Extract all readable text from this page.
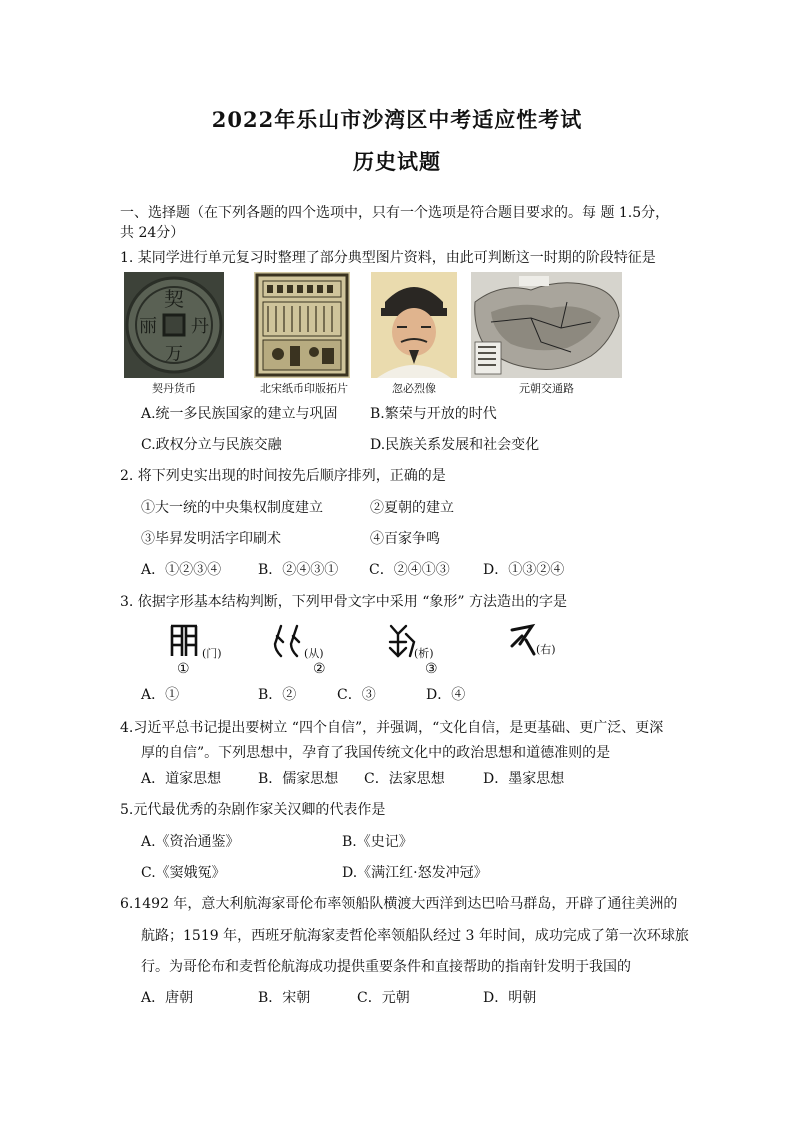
2022年乐山市沙湾区中考适应性考试
历史试题
一、选择题（在下列各题的四个选项中，只有一个选项是符合题目要求的。每 题 1.5分，
共 24分）
1. 某同学进行单元复习时整理了部分典型图片资料，由此可判断这一时期的阶段特征是
契
丹
万
丽
契丹货币	北宋纸币印版拓片	忽必烈像	元朝交通路
A.统一多民族国家的建立与巩固 B.繁荣与开放的时代
C.政权分立与民族交融	D.民族关系发展和社会变化
2. 将下列史实出现的时间按先后顺序排列，正确的是
①大一统的中央集权制度建立	②夏朝的建立
③毕昇发明活字印刷术	④百家争鸣
A．①②③④	B．②④③① C．②④①③ D．①③②④
3. 依据字形基本结构判断，下列甲骨文字中采用 “象形” 方法造出的字是
(门)
①
(从)
②
(析)
③
(右)
A．①	B．②	C．③	D．④
4.习近平总书记提出要树立 “四个自信”，并强调，“文化自信，是更基础、更广泛、更深
厚的自信”。下列思想中，孕育了我国传统文化中的政治思想和道德准则的是
A．道家思想	B．儒家思想 C．法家思想	D．墨家思想
5.元代最优秀的杂剧作家关汉卿的代表作是
A.《资治通鉴》	B.《史记》
C.《窦娥冤》	D.《满江红·怒发冲冠》
6.1492 年，意大利航海家哥伦布率领船队横渡大西洋到达巴哈马群岛，开辟了通往美洲的
航路；1519 年，西班牙航海家麦哲伦率领船队经过 3 年时间，成功完成了第一次环球旅
行。为哥伦布和麦哲伦航海成功提供重要条件和直接帮助的指南针发明于我国的
A．唐朝	B．宋朝	C．元朝	D．明朝
